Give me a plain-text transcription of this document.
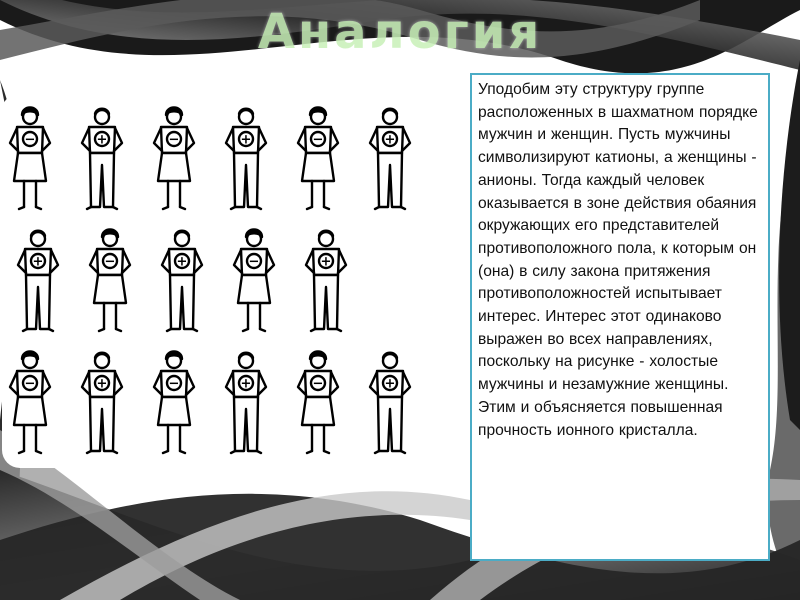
Аналогия
−	+	−	+	−	+
+	−	+	−	+
−	+	−	+	−	+

Уподобим эту структуру группе расположенных в шахматном порядке мужчин и женщин. Пусть мужчины символизируют катионы, а женщины - анионы. Тогда каждый человек оказывается в зоне действия обаяния окружающих его представителей противоположного пола, к которым он (она) в силу закона притяжения противоположностей испытывает интерес. Интерес этот одинаково выражен во всех направлениях, поскольку на рисунке - холостые мужчины и незамужние женщины. Этим и объясняется повышенная прочность ионного кристалла.
